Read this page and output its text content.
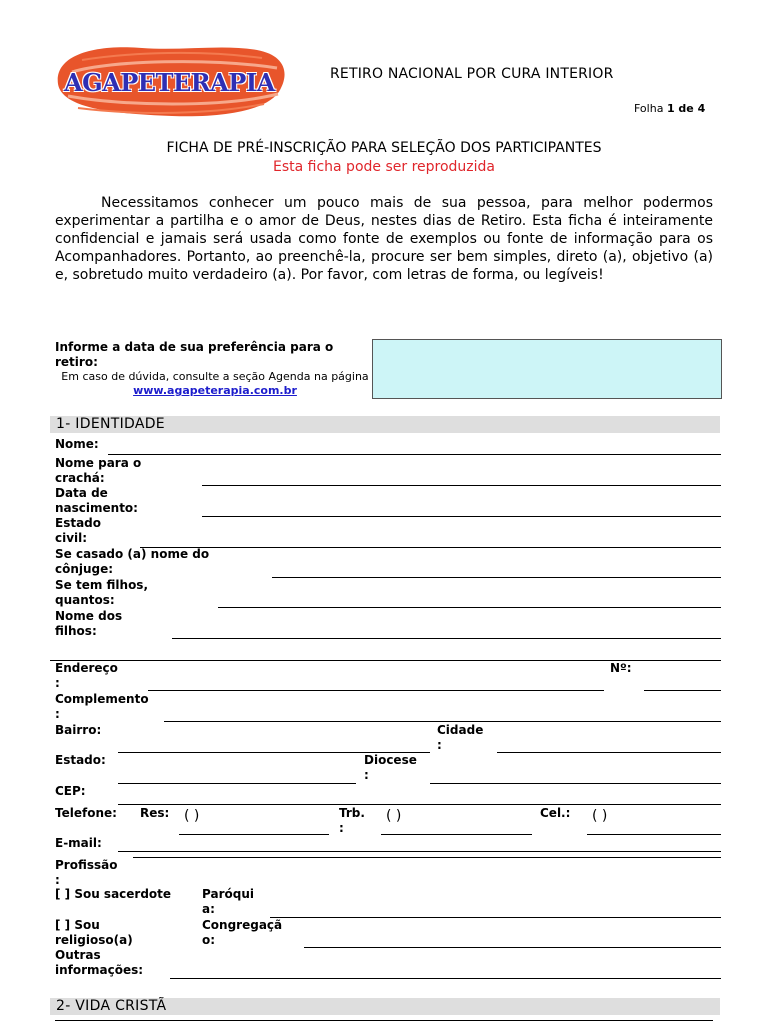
AGAPETERAPIA	RETIRO NACIONAL POR CURA INTERIOR
Folha 1 de 4
FICHA DE PRÉ-INSCRIÇÃO PARA SELEÇÃO DOS PARTICIPANTES
Esta ficha pode ser reproduzida
Necessitamos conhecer um pouco mais de sua pessoa, para melhor podermos experimentar a partilha e o amor de Deus, nestes dias de Retiro. Esta ficha é inteiramente confidencial e jamais será usada como fonte de exemplos ou fonte de informação para os Acompanhadores. Portanto, ao preenchê-la, procure ser bem simples, direto (a), objetivo (a) e, sobretudo muito verdadeiro (a). Por favor, com letras de forma, ou legíveis!
Informe a data de sua preferência para o retiro:
Em caso de dúvida, consulte a seção Agenda na página www.agapeterapia.com.br
1- IDENTIDADE
Nome:
Nome para o crachá:
Data de nascimento:
Estado civil:
Se casado (a) nome do cônjuge:
Se tem filhos, quantos:
Nome dos filhos:
Endereço
:
Nº:
Complemento
:
Bairro:	Cidade
:
Estado:	Diocese
:
CEP:
Telefone: Res: ( )	Trb.
:
( )	Cel.: ( )
E-mail:
Profissão
:
[ ] Sou sacerdote	Paróqui a:
[ ] Sou religioso(a)
Congregaçã o:
Outras informações:
2- VIDA CRISTÃ
